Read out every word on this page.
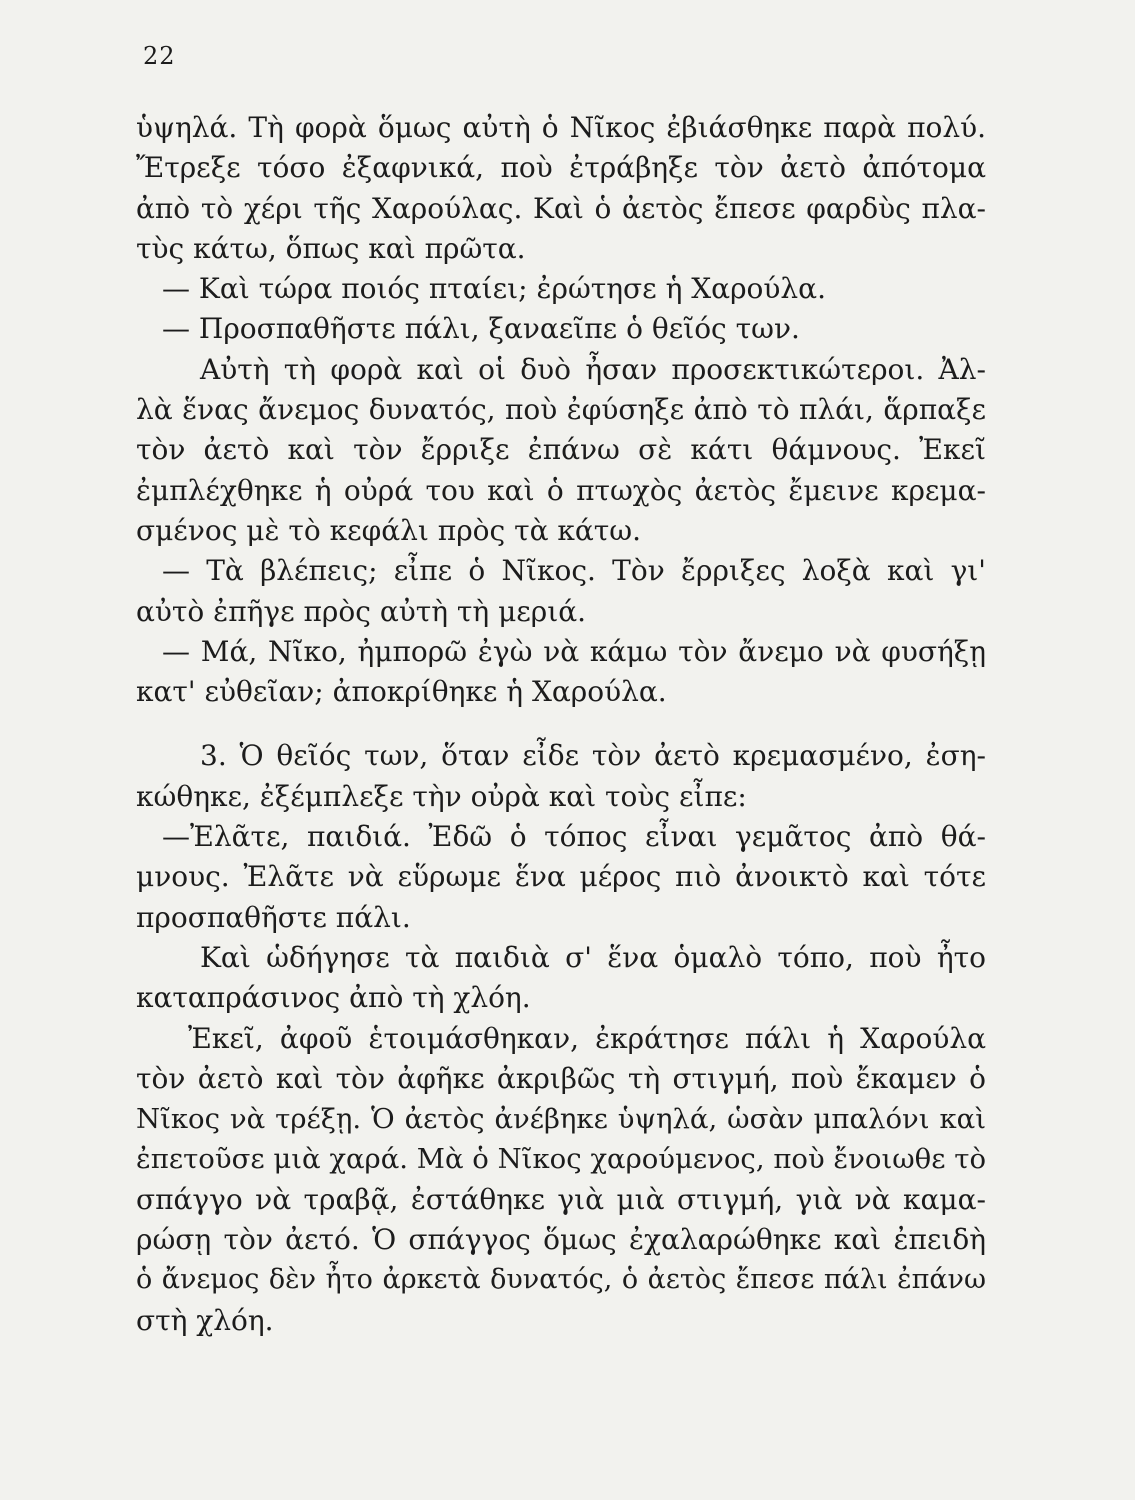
22
ὑψηλά. Τὴ φορὰ ὅμως αὐτὴ ὁ Νῖκος ἐβιάσθηκε παρὰ πολύ.
Ἔτρεξε τόσο ἐξαφνικά, ποὺ ἐτράβηξε τὸν ἀετὸ ἀπότομα
ἀπὸ τὸ χέρι τῆς Χαρούλας. Καὶ ὁ ἀετὸς ἔπεσε φαρδὺς πλα-
τὺς κάτω, ὅπως καὶ πρῶτα.
— Καὶ τώρα ποιός πταίει; ἐρώτησε ἡ Χαρούλα.
— Προσπαθῆστε πάλι, ξαναεῖπε ὁ θεῖός των.
Αὐτὴ τὴ φορὰ καὶ οἱ δυὸ ἦσαν προσεκτικώτεροι. Ἀλ-
λὰ ἕνας ἄνεμος δυνατός, ποὺ ἐφύσηξε ἀπὸ τὸ πλάι, ἅρπαξε
τὸν ἀετὸ καὶ τὸν ἔρριξε ἐπάνω σὲ κάτι θάμνους. Ἐκεῖ
ἐμπλέχθηκε ἡ οὐρά του καὶ ὁ πτωχὸς ἀετὸς ἔμεινε κρεμα-
σμένος μὲ τὸ κεφάλι πρὸς τὰ κάτω.
— Τὰ βλέπεις; εἶπε ὁ Νῖκος. Τὸν ἔρριξες λοξὰ καὶ γι'
αὐτὸ ἐπῆγε πρὸς αὐτὴ τὴ μεριά.
— Μά, Νῖκο, ἠμπορῶ ἐγὼ νὰ κάμω τὸν ἄνεμο νὰ φυσήξῃ
κατ' εὐθεῖαν; ἀποκρίθηκε ἡ Χαρούλα.
3. Ὁ θεῖός των, ὅταν εἶδε τὸν ἀετὸ κρεμασμένο, ἐση-
κώθηκε, ἐξέμπλεξε τὴν οὐρὰ καὶ τοὺς εἶπε:
—Ἐλᾶτε, παιδιά. Ἐδῶ ὁ τόπος εἶναι γεμᾶτος ἀπὸ θά-
μνους. Ἐλᾶτε νὰ εὕρωμε ἕνα μέρος πιὸ ἀνοικτὸ καὶ τότε
προσπαθῆστε πάλι.
Καὶ ὡδήγησε τὰ παιδιὰ σ' ἕνα ὁμαλὸ τόπο, ποὺ ἦτο
καταπράσινος ἀπὸ τὴ χλόη.
Ἐκεῖ, ἀφοῦ ἑτοιμάσθηκαν, ἐκράτησε πάλι ἡ Χαρούλα
τὸν ἀετὸ καὶ τὸν ἀφῆκε ἀκριβῶς τὴ στιγμή, ποὺ ἔκαμεν ὁ
Νῖκος νὰ τρέξῃ. Ὁ ἀετὸς ἀνέβηκε ὑψηλά, ὡσὰν μπαλόνι καὶ
ἐπετοῦσε μιὰ χαρά. Μὰ ὁ Νῖκος χαρούμενος, ποὺ ἔνοιωθε τὸ
σπάγγο νὰ τραβᾷ, ἐστάθηκε γιὰ μιὰ στιγμή, γιὰ νὰ καμα-
ρώσῃ τὸν ἀετό. Ὁ σπάγγος ὅμως ἐχαλαρώθηκε καὶ ἐπειδὴ
ὁ ἄνεμος δὲν ἦτο ἀρκετὰ δυνατός, ὁ ἀετὸς ἔπεσε πάλι ἐπάνω
στὴ χλόη.
